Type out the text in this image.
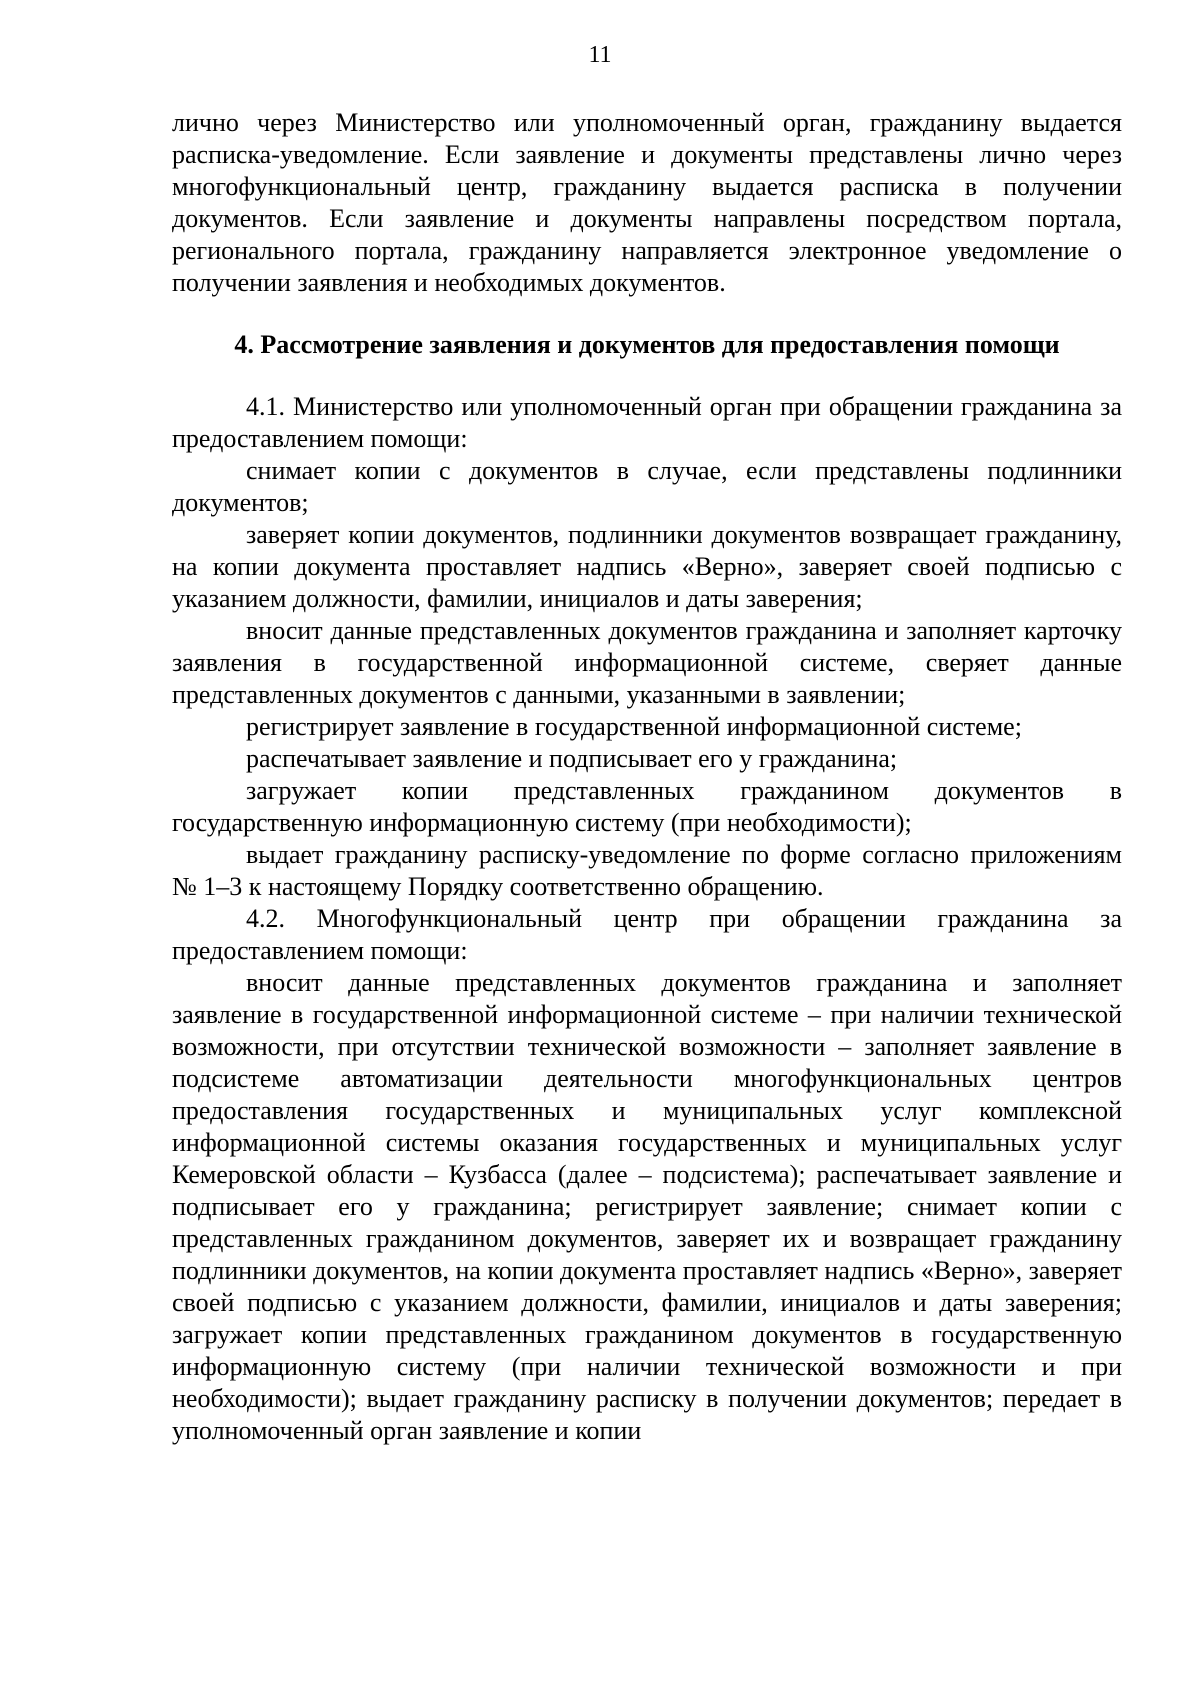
11

лично через Министерство или уполномоченный орган, гражданину выдается расписка-уведомление. Если заявление и документы представлены лично через многофункциональный центр, гражданину выдается расписка в получении документов. Если заявление и документы направлены посредством портала, регионального портала, гражданину направляется электронное уведомление о получении заявления и необходимых документов.

4. Рассмотрение заявления и документов для предоставления помощи

4.1. Министерство или уполномоченный орган при обращении гражданина за предоставлением помощи:

снимает копии с документов в случае, если представлены подлинники документов;

заверяет копии документов, подлинники документов возвращает гражданину, на копии документа проставляет надпись «Верно», заверяет своей подписью с указанием должности, фамилии, инициалов и даты заверения;

вносит данные представленных документов гражданина и заполняет карточку заявления в государственной информационной системе, сверяет данные представленных документов с данными, указанными в заявлении;

регистрирует заявление в государственной информационной системе;

распечатывает заявление и подписывает его у гражданина;

загружает копии представленных гражданином документов в государственную информационную систему (при необходимости);

выдает гражданину расписку-уведомление по форме согласно приложениям № 1–3 к настоящему Порядку соответственно обращению.

4.2. Многофункциональный центр при обращении гражданина за предоставлением помощи:

вносит данные представленных документов гражданина и заполняет заявление в государственной информационной системе – при наличии технической возможности, при отсутствии технической возможности – заполняет заявление в подсистеме автоматизации деятельности многофункциональных центров предоставления государственных и муниципальных услуг комплексной информационной системы оказания государственных и муниципальных услуг Кемеровской области – Кузбасса (далее – подсистема); распечатывает заявление и подписывает его у гражданина; регистрирует заявление; снимает копии с представленных гражданином документов, заверяет их и возвращает гражданину подлинники документов, на копии документа проставляет надпись «Верно», заверяет своей подписью с указанием должности, фамилии, инициалов и даты заверения; загружает копии представленных гражданином документов в государственную информационную систему (при наличии технической возможности и при необходимости); выдает гражданину расписку в получении документов; передает в уполномоченный орган заявление и копии
